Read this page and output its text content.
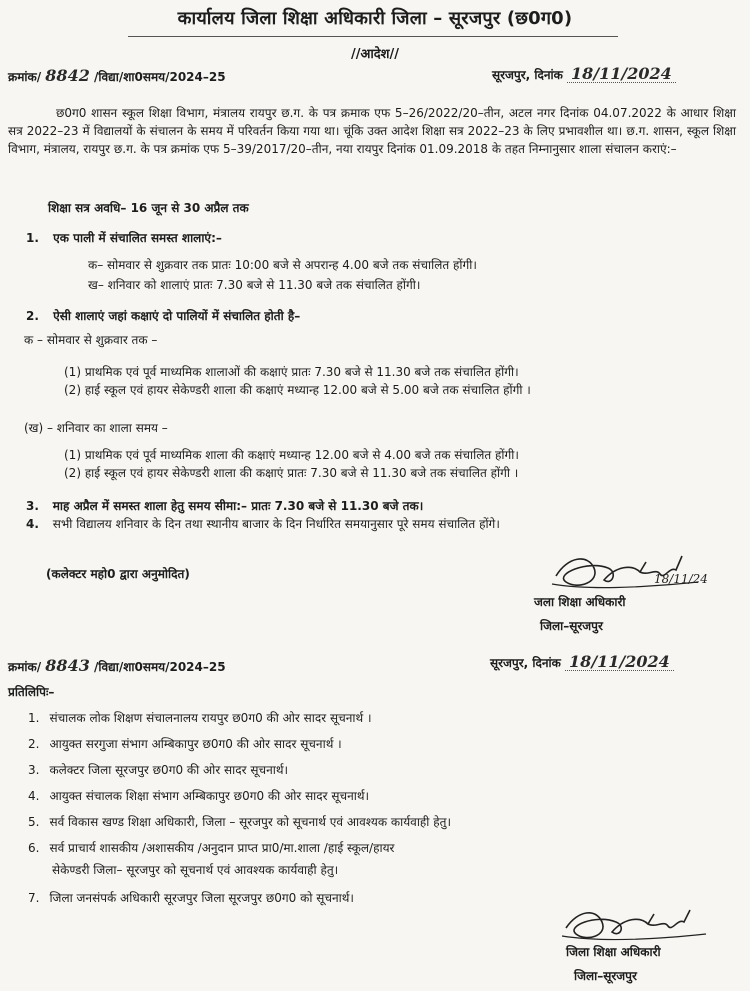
कार्यालय जिला शिक्षा अधिकारी जिला – सूरजपुर (छ0ग0)
//आदेश//
क्रमांक/ 8842 /विद्या/शा0समय/2024–25	सूरजपुर, दिनांक 18/11/2024
छ0ग0 शासन स्कूल शिक्षा विभाग, मंत्रालय रायपुर छ.ग. के पत्र क्रमाक एफ 5–26/2022/20–तीन, अटल नगर दिनांक 04.07.2022 के आधार शिक्षा सत्र 2022–23 में विद्यालयों के संचालन के समय में परिवर्तन किया गया था। चूंकि उक्त आदेश शिक्षा सत्र 2022–23 के लिए प्रभावशील था। छ.ग. शासन, स्कूल शिक्षा विभाग, मंत्रालय, रायपुर छ.ग. के पत्र क्रमांक एफ 5–39/2017/20–तीन, नया रायपुर दिनांक 01.09.2018 के तहत निम्नानुसार शाला संचालन कराएं:–
शिक्षा सत्र अवधि– 16 जून से 30 अप्रैल तक
1. एक पाली में संचालित समस्त शालाएं:–
क– सोमवार से शुक्रवार तक प्रातः 10:00 बजे से अपरान्ह 4.00 बजे तक संचालित होंगी।
ख– शनिवार को शालाएं प्रातः 7.30 बजे से 11.30 बजे तक संचालित होंगी।
2. ऐसी शालाएं जहां कक्षाएं दो पालियों में संचालित होती है–
क – सोमवार से शुक्रवार तक –
(1) प्राथमिक एवं पूर्व माध्यमिक शालाओं की कक्षाएं प्रातः 7.30 बजे से 11.30 बजे तक संचालित होंगी।
(2) हाई स्कूल एवं हायर सेकेण्डरी शाला की कक्षाएं मध्यान्ह 12.00 बजे से 5.00 बजे तक संचालित होंगी ।
(ख) – शनिवार का शाला समय –
(1) प्राथमिक एवं पूर्व माध्यमिक शाला की कक्षाएं मध्यान्ह 12.00 बजे से 4.00 बजे तक संचालित होंगी।
(2) हाई स्कूल एवं हायर सेकेण्डरी शाला की कक्षाएं प्रातः 7.30 बजे से 11.30 बजे तक संचालित होंगी ।
3. माह अप्रैल में समस्त शाला हेतु समय सीमा:– प्रातः 7.30 बजे से 11.30 बजे तक।
4. सभी विद्यालय शनिवार के दिन तथा स्थानीय बाजार के दिन निर्धारित समयानुसार पूरे समय संचालित होंगे।
(कलेक्टर महो0 द्वारा अनुमोदित)	18/11/24
जला शिक्षा अधिकारी
जिला–सूरजपुर
क्रमांक/ 8843 /विद्या/शा0समय/2024–25	सूरजपुर, दिनांक 18/11/2024
प्रतिलिपिः–
1. संचालक लोक शिक्षण संचालनालय रायपुर छ0ग0 की ओर सादर सूचनार्थ ।
2. आयुक्त सरगुजा संभाग अम्बिकापुर छ0ग0 की ओर सादर सूचनार्थ ।
3. कलेक्टर जिला सूरजपुर छ0ग0 की ओर सादर सूचनार्थ।
4. आयुक्त संचालक शिक्षा संभाग अम्बिकापुर छ0ग0 की ओर सादर सूचनार्थ।
5. सर्व विकास खण्ड शिक्षा अधिकारी, जिला – सूरजपुर को सूचनार्थ एवं आवश्यक कार्यवाही हेतु।
6. सर्व प्राचार्य शासकीय /अशासकीय /अनुदान प्राप्त प्रा0/मा.शाला /हाई स्कूल/हायर
सेकेण्डरी जिला– सूरजपुर को सूचनार्थ एवं आवश्यक कार्यवाही हेतु।
7. जिला जनसंपर्क अधिकारी सूरजपुर जिला सूरजपुर छ0ग0 को सूचनार्थ।
जिला शिक्षा अधिकारी
जिला–सूरजपुर
